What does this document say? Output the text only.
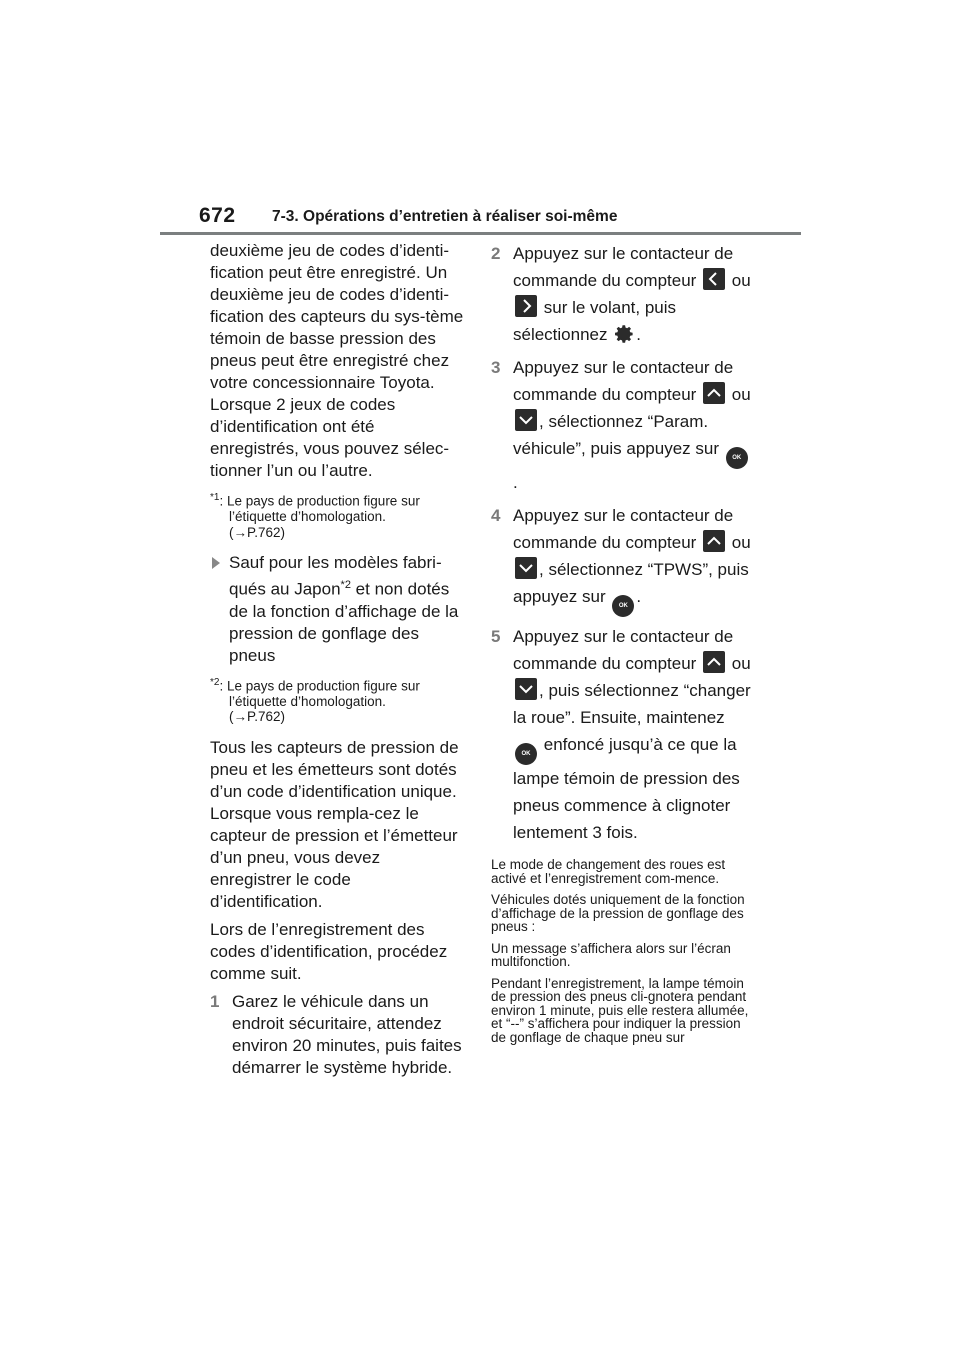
672 7-3. Opérations d’entretien à réaliser soi-même

deuxième jeu de codes d’identi-fication peut être enregistré. Un deuxième jeu de codes d’identi-fication des capteurs du sys-tème témoin de basse pression des pneus peut être enregistré chez votre concessionnaire Toyota. Lorsque 2 jeux de codes d’identification ont été enregistrés, vous pouvez sélec-tionner l’un ou l’autre.

$^{*1}$: Le pays de production figure sur
l’étiquette d’homologation.
(→P.762)
Sauf pour les modèles fabri-qués au Japon$^{*2}$ et non dotés de la fonction d’affichage de la pression de gonflage des pneus
$^{*2}$: Le pays de production figure sur
l’étiquette d’homologation.
(→P.762)

Tous les capteurs de pression de pneu et les émetteurs sont dotés d’un code d’identification unique. Lorsque vous rempla-cez le capteur de pression et l’émetteur d’un pneu, vous devez enregistrer le code d’identification.

Lors de l’enregistrement des codes d’identification, procédez comme suit.

1 Garez le véhicule dans un endroit sécuritaire, attendez environ 20 minutes, puis faites démarrer le système hybride.
2 Appuyez sur le contacteur de commande du compteur ou
sur le volant, puis sélectionnez .
3 Appuyez sur le contacteur de commande du compteur ou
, sélectionnez “Param. véhicule”, puis appuyez sur OK.
4 Appuyez sur le contacteur de commande du compteur ou
, sélectionnez “TPWS”, puis appuyez sur OK .
5 Appuyez sur le contacteur de commande du compteur ou
, puis sélectionnez “changer la roue”. Ensuite, maintenez OK enfoncé jusqu’à ce que la lampe témoin de pression des pneus commence à clignoter lentement 3 fois.

Le mode de changement des roues est activé et l’enregistrement com-mence.

Véhicules dotés uniquement de la fonction d’affichage de la pression de gonflage des pneus :

Un message s’affichera alors sur l’écran multifonction.

Pendant l’enregistrement, la lampe témoin de pression des pneus cli-gnotera pendant environ 1 minute, puis elle restera allumée, et “--” s’affichera pour indiquer la pression de gonflage de chaque pneu sur
